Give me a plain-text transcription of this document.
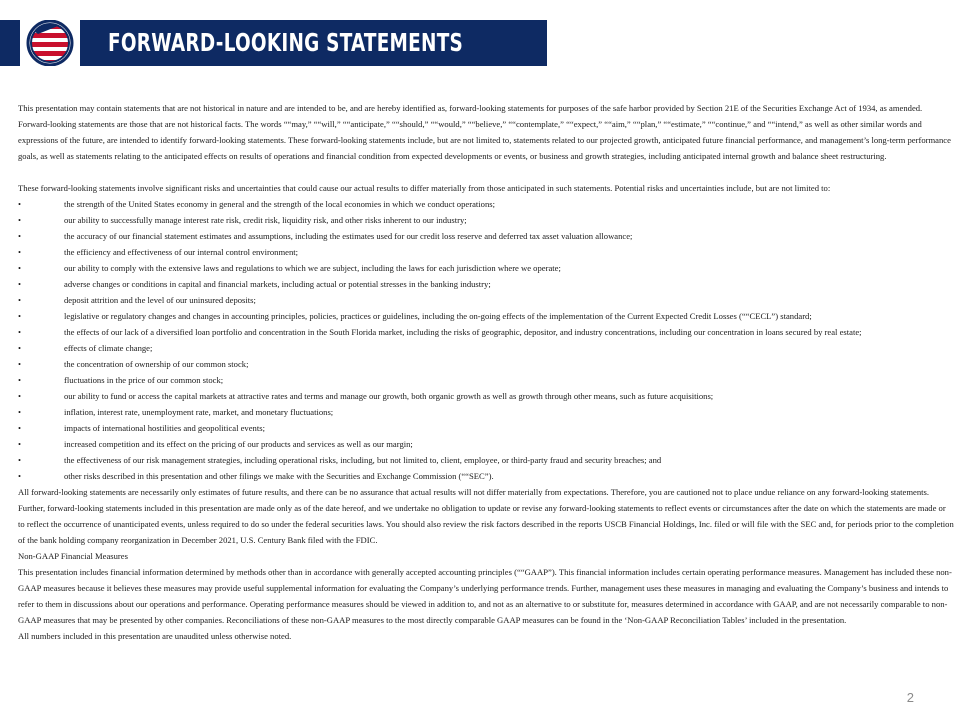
FORWARD-LOOKING STATEMENTS

This presentation may contain statements that are not historical in nature and are intended to be, and are hereby identified as, forward-looking statements for purposes of the safe harbor provided by Section 21E of the Securities Exchange Act of 1934, as amended. Forward-looking statements are those that are not historical facts. The words ““may,” ““will,” ““anticipate,” ““should,” ““would,” ““believe,” ““contemplate,” ““expect,” ““aim,” ““plan,” ““estimate,” ““continue,” and ““intend,” as well as other similar words and expressions of the future, are intended to identify forward-looking statements. These forward-looking statements include, but are not limited to, statements related to our projected growth, anticipated future financial performance, and management’s long-term performance goals, as well as statements relating to the anticipated effects on results of operations and financial condition from expected developments or events, or business and growth strategies, including anticipated internal growth and balance sheet restructuring.

These forward-looking statements involve significant risks and uncertainties that could cause our actual results to differ materially from those anticipated in such statements. Potential risks and uncertainties include, but are not limited to:

•	the strength of the United States economy in general and the strength of the local economies in which we conduct operations;
•	our ability to successfully manage interest rate risk, credit risk, liquidity risk, and other risks inherent to our industry;
•	the accuracy of our financial statement estimates and assumptions, including the estimates used for our credit loss reserve and deferred tax asset valuation allowance;
•	the efficiency and effectiveness of our internal control environment;
•	our ability to comply with the extensive laws and regulations to which we are subject, including the laws for each jurisdiction where we operate;
•	adverse changes or conditions in capital and financial markets, including actual or potential stresses in the banking industry;
•	deposit attrition and the level of our uninsured deposits;
•	legislative or regulatory changes and changes in accounting principles, policies, practices or guidelines, including the on-going effects of the implementation of the Current Expected Credit Losses (““CECL”) standard;
•	the effects of our lack of a diversified loan portfolio and concentration in the South Florida market, including the risks of geographic, depositor, and industry concentrations, including our concentration in loans secured by real estate;
•	effects of climate change;
•	the concentration of ownership of our common stock;
•	fluctuations in the price of our common stock;
•	our ability to fund or access the capital markets at attractive rates and terms and manage our growth, both organic growth as well as growth through other means, such as future acquisitions;
•	inflation, interest rate, unemployment rate, market, and monetary fluctuations;
•	impacts of international hostilities and geopolitical events;
•	increased competition and its effect on the pricing of our products and services as well as our margin;
•	the effectiveness of our risk management strategies, including operational risks, including, but not limited to, client, employee, or third-party fraud and security breaches; and
•	other risks described in this presentation and other filings we make with the Securities and Exchange Commission (““SEC”).

All forward-looking statements are necessarily only estimates of future results, and there can be no assurance that actual results will not differ materially from expectations. Therefore, you are cautioned not to place undue reliance on any forward-looking statements. Further, forward-looking statements included in this presentation are made only as of the date hereof, and we undertake no obligation to update or revise any forward-looking statements to reflect events or circumstances after the date on which the statements are made or to reflect the occurrence of unanticipated events, unless required to do so under the federal securities laws. You should also review the risk factors described in the reports USCB Financial Holdings, Inc. filed or will file with the SEC and, for periods prior to the completion of the bank holding company reorganization in December 2021, U.S. Century Bank filed with the FDIC.

Non-GAAP Financial Measures

This presentation includes financial information determined by methods other than in accordance with generally accepted accounting principles (““GAAP”). This financial information includes certain operating performance measures. Management has included these non-GAAP measures because it believes these measures may provide useful supplemental information for evaluating the Company’s underlying performance trends. Further, management uses these measures in managing and evaluating the Company’s business and intends to refer to them in discussions about our operations and performance. Operating performance measures should be viewed in addition to, and not as an alternative to or substitute for, measures determined in accordance with GAAP, and are not necessarily comparable to non-GAAP measures that may be presented by other companies. Reconciliations of these non-GAAP measures to the most directly comparable GAAP measures can be found in the ‘Non-GAAP Reconciliation Tables’ included in the presentation.

All numbers included in this presentation are unaudited unless otherwise noted.

2
